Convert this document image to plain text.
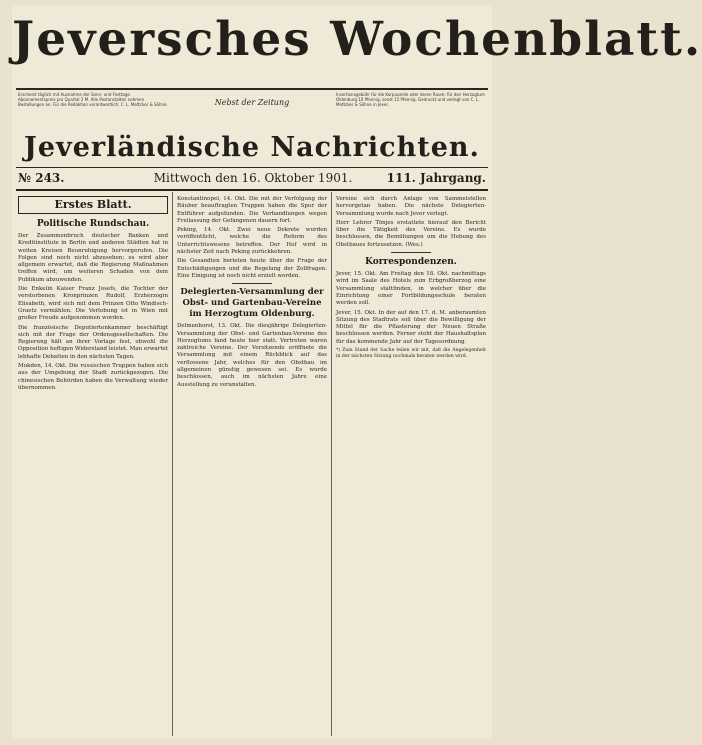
Jeversches Wochenblatt.
Erscheint täglich mit Ausnahme der Sonn- und Festtage. Abonnementspreis pro Quartal 2 M. Alle Postanstalten nehmen Bestellungen an. Für die Redaktion verantwortlich: C. L. Mettcker & Söhne.	Nebst der Zeitung
Insertionsgebühr für die Korpuszeile oder deren Raum: für den Herzogtum Oldenburg 10 Pfennig, sonst 15 Pfennig. Gedruckt und verlegt von C. L. Mettcker & Söhne in Jever.
Jeverländische Nachrichten.
№ 243.	Mittwoch den 16. Oktober 1901.	111. Jahrgang.
Erstes Blatt.
Politische Rundschau.
Der Zusammenbruch deutscher Banken und Kreditinstitute in Berlin und anderen Städten hat in weiten Kreisen Beunruhigung hervorgerufen. Die Folgen sind noch nicht abzusehen; es wird aber allgemein erwartet, daß die Regierung Maßnahmen treffen wird, um weiteren Schaden von dem Publikum abzuwenden.
Die Enkelin Kaiser Franz Josefs, die Tochter der verstorbenen Kronprinzen Rudolf, Erzherzogin Elisabeth, wird sich mit dem Prinzen Otto Windisch-Graetz vermählen. Die Verlobung ist in Wien mit großer Freude aufgenommen worden.
Die französische Deputiertenkammer beschäftigt sich mit der Frage der Ordensgesellschaften. Die Regierung hält an ihrer Vorlage fest, obwohl die Opposition heftigen Widerstand leistet. Man erwartet lebhafte Debatten in den nächsten Tagen.
Mukden, 14. Okt. Die russischen Truppen haben sich aus der Umgebung der Stadt zurückgezogen. Die chinesischen Behörden haben die Verwaltung wieder übernommen.
Konstantinopel, 14. Okt. Die mit der Verfolgung der Räuber beauftragten Truppen haben die Spur der Entführer aufgefunden. Die Verhandlungen wegen Freilassung der Gefangenen dauern fort.
Peking, 14. Okt. Zwei neue Dekrete wurden veröffentlicht, welche die Reform des Unterrichtswesens betreffen. Der Hof wird in nächster Zeit nach Peking zurückkehren.
Die Gesandten berieten heute über die Frage der Entschädigungen und die Regelung der Zollfragen. Eine Einigung ist noch nicht erzielt worden.
Delegierten-Versammlung der Obst- und Gartenbau-Vereine im Herzogtum Oldenburg.
Delmenhorst, 13. Okt. Die diesjährige Delegierten-Versammlung der Obst- und Gartenbau-Vereine des Herzogtums fand heute hier statt. Vertreten waren zahlreiche Vereine. Der Vorsitzende eröffnete die Versammlung mit einem Rückblick auf das verflossene Jahr, welches für den Obstbau im allgemeinen günstig gewesen sei. Es wurde beschlossen, auch im nächsten Jahre eine Ausstellung zu veranstalten.
Vereine sich durch Anlage von Sammelstellen hervorgetan haben. Die nächste Delegierten-Versammlung wurde nach Jever verlegt.
Herr Lehrer Tönjes erstattete hierauf den Bericht über die Tätigkeit des Vereins. Es wurde beschlossen, die Bemühungen um die Hebung des Obstbaues fortzusetzen. (Wes.)
Korrespondenzen.
Jever, 15. Okt. Am Freitag den 18. Okt. nachmittags wird im Saale des Hotels zum Erbgroßherzog eine Versammlung stattfinden, in welcher über die Einrichtung einer Fortbildungsschule beraten werden soll.
Jever, 15. Okt. In der auf den 17. d. M. anberaumten Sitzung des Stadtrats soll über die Bewilligung der Mittel für die Pflasterung der Neuen Straße beschlossen werden. Ferner steht der Haushaltsplan für das kommende Jahr auf der Tagesordnung.
*) Zum Stand der Sache teilen wir mit, daß die Angelegenheit in der nächsten Sitzung nochmals beraten werden wird.
